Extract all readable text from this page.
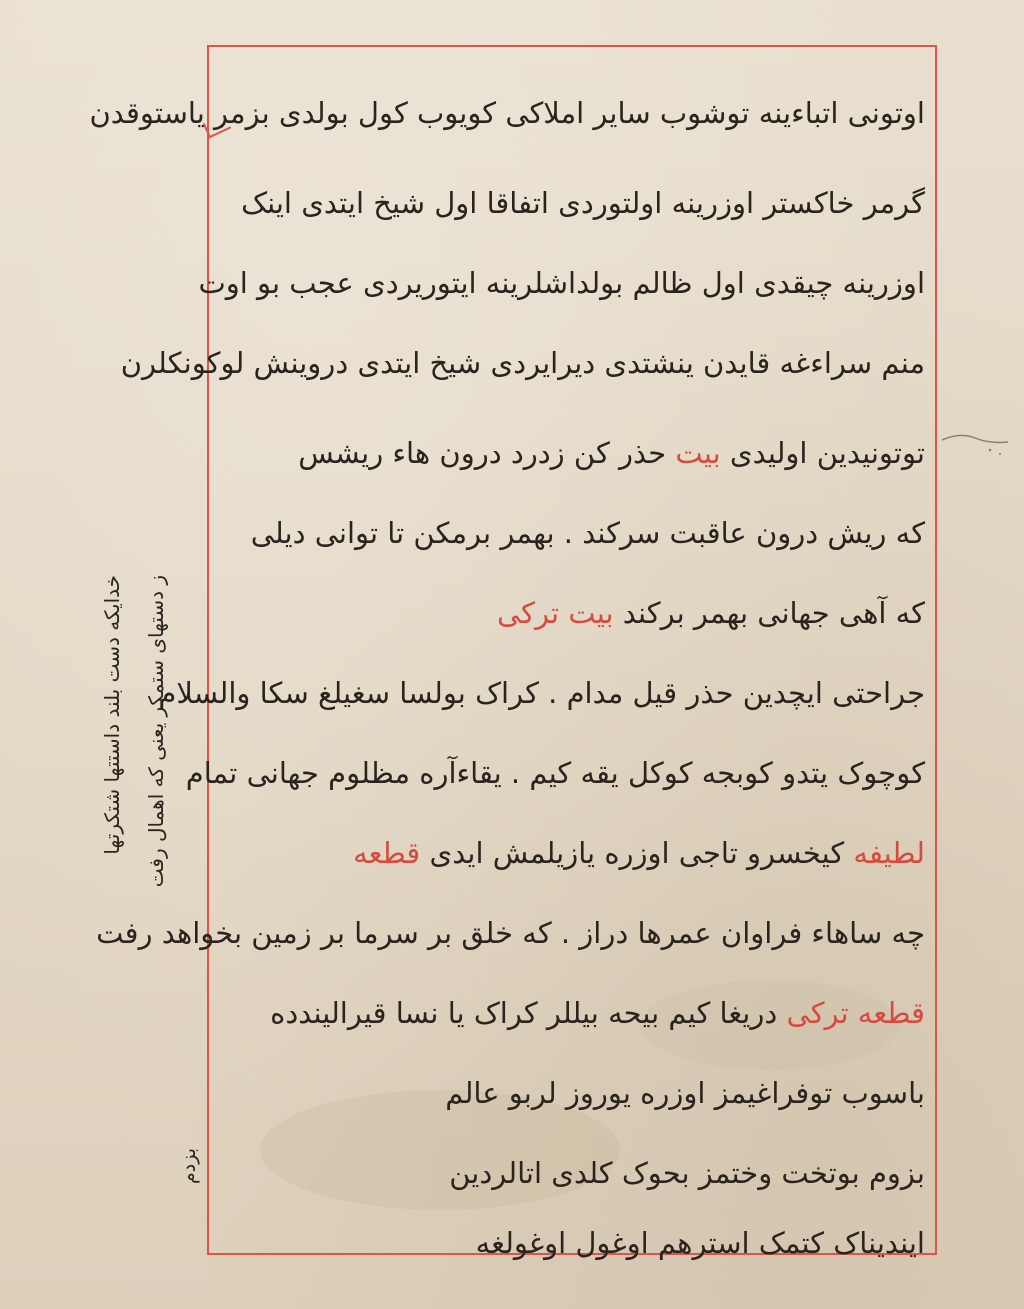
اوتونی اتباءینه توشوب سایر املاکی کویوب کول بولدی بزمر یاستوقدن
گرمر خاکستر اوزرینه اولتوردی اتفاقا اول شیخ ایتدی اینک
اوزرینه چیقدی اول ظالم بولداشلرینه ایتوریردی عجب بو اوت
منم سراءغه قایدن ینشتدی دیرایردی شیخ ایتدی دروینش لوکونکلرن
توتونیدین اولیدی بیت حذر کن زدرد درون هاء ریشس
که ریش درون عاقبت سرکند . بهمر برمکن تا توانی دیلی
که آهی جهانی بهمر برکند بیت ترکی
جراحتی ایچدین حذر قیل مدام . کراک بولسا سغیلغ سکا والسلام
کوچوک یتدو کوبجه کوکل یقه کیم . یقاءآره مظلوم جهانی تمام
لطیفه کیخسرو تاجی اوزره یازیلمش ایدی قطعه
چه ساهاء فراوان عمرها دراز . که خلق بر سرما بر زمین بخواهد رفت
قطعه ترکی دریغا کیم بیحه بیللر کراک یا نسا قیرالیندده
باسوب توفراغیمز اوزره یوروز لربو عالم
بزوم بوتخت وختمز بحوک کلدی اتالردین
ایندیناک کتمک استرهم اوغول اوغولغه
خدایکه دست بلند داستتها شتکرتها	ز دستهای ستمکر یعنی که اهمال رفت
بزدم
